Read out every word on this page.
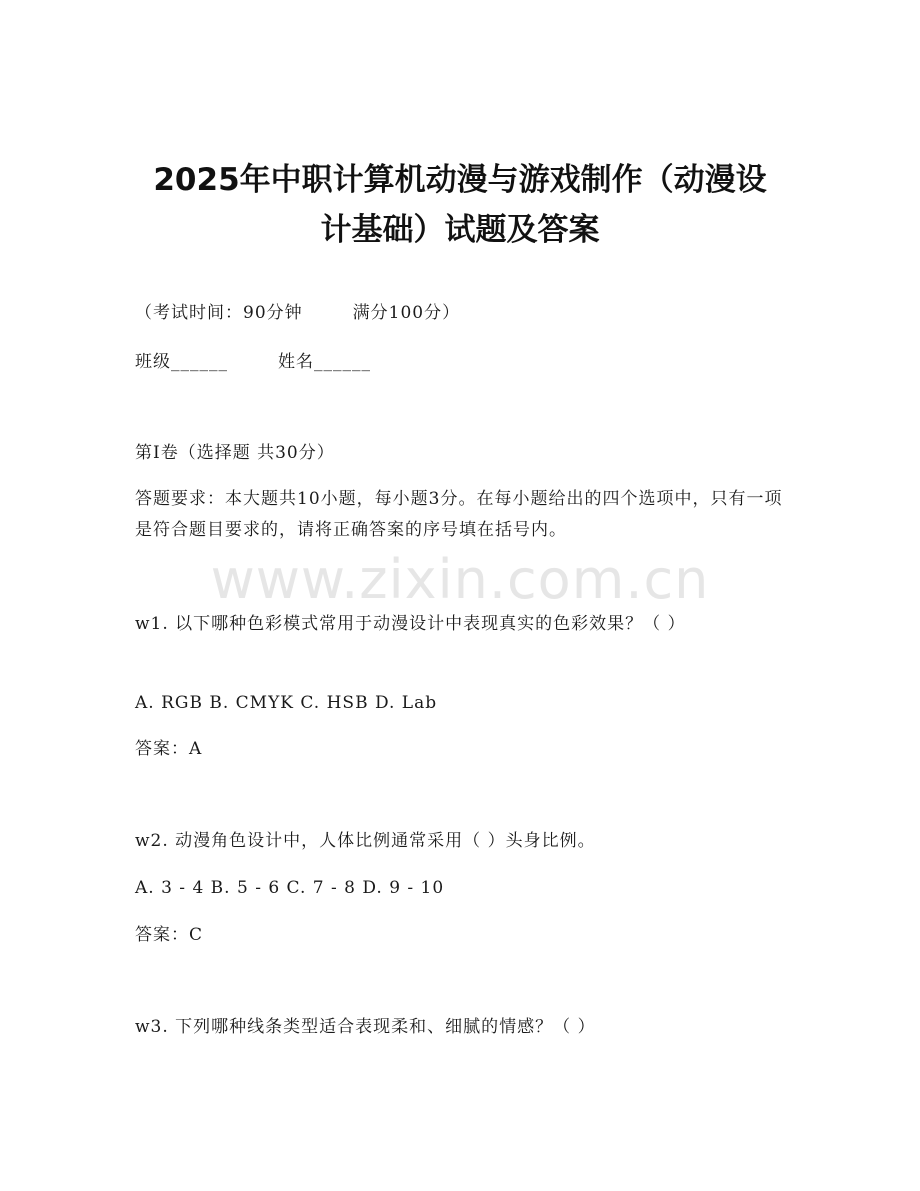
www.zixin.com.cn
2025年中职计算机动漫与游戏制作（动漫设
计基础）试题及答案
（考试时间：90分钟	满分100分）
班级______	姓名______
第I卷（选择题 共30分）
答题要求：本大题共10小题，每小题3分。在每小题给出的四个选项中，只有一项是符合题目要求的，请将正确答案的序号填在括号内。
w1. 以下哪种色彩模式常用于动漫设计中表现真实的色彩效果？（ ）
A. RGB B. CMYK C. HSB D. Lab
答案：A
w2. 动漫角色设计中，人体比例通常采用（ ）头身比例。
A. 3 - 4 B. 5 - 6 C. 7 - 8 D. 9 - 10
答案：C
w3. 下列哪种线条类型适合表现柔和、细腻的情感？（ ）
